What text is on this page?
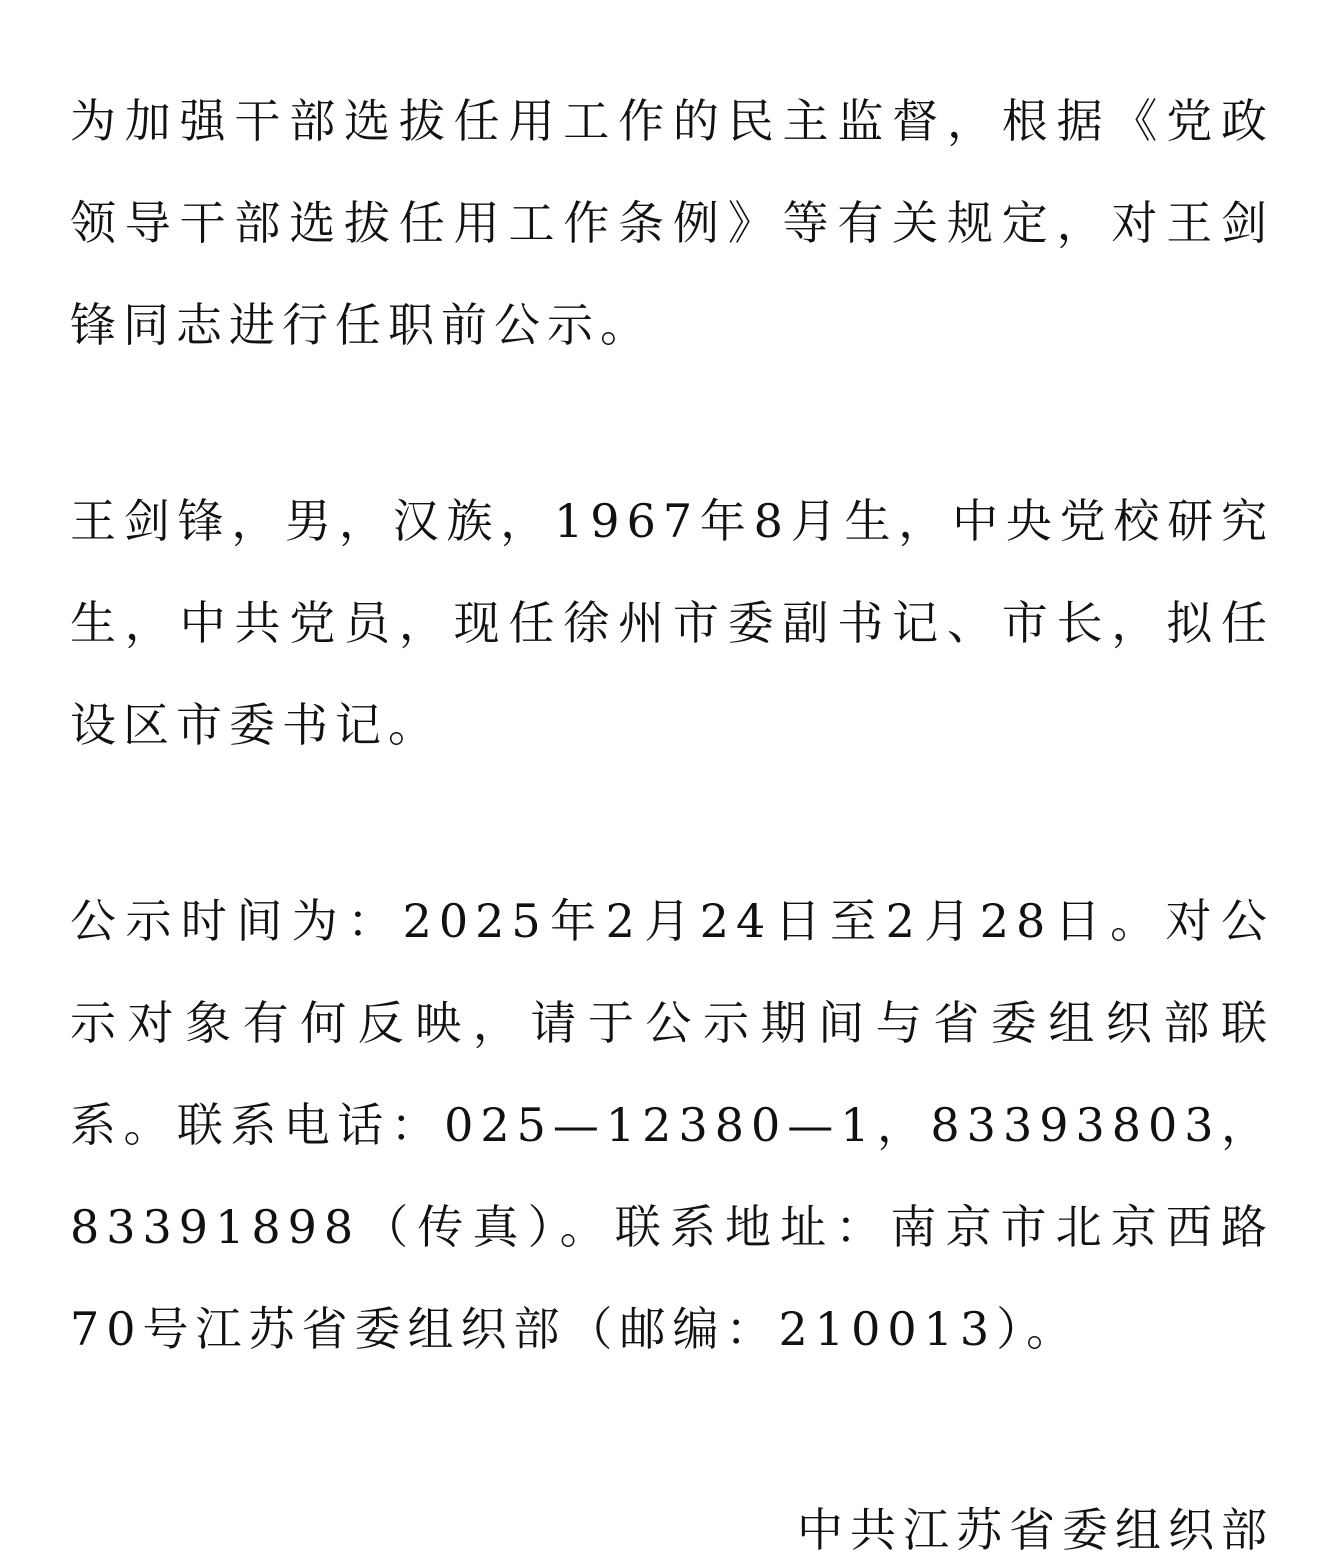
为加强干部选拔任用工作的民主监督，根据《党政领导干部选拔任用工作条例》等有关规定，对王剑锋同志进行任职前公示。

王剑锋，男，汉族，1967年8月生，中央党校研究生，中共党员，现任徐州市委副书记、市长，拟任设区市委书记。

公示时间为：2025年2月24日至2月28日。对公示对象有何反映，请于公示期间与省委组织部联系。联系电话：025—12380—1，83393803，83391898（传真）。联系地址：南京市北京西路70号江苏省委组织部（邮编：210013）。

中共江苏省委组织部
